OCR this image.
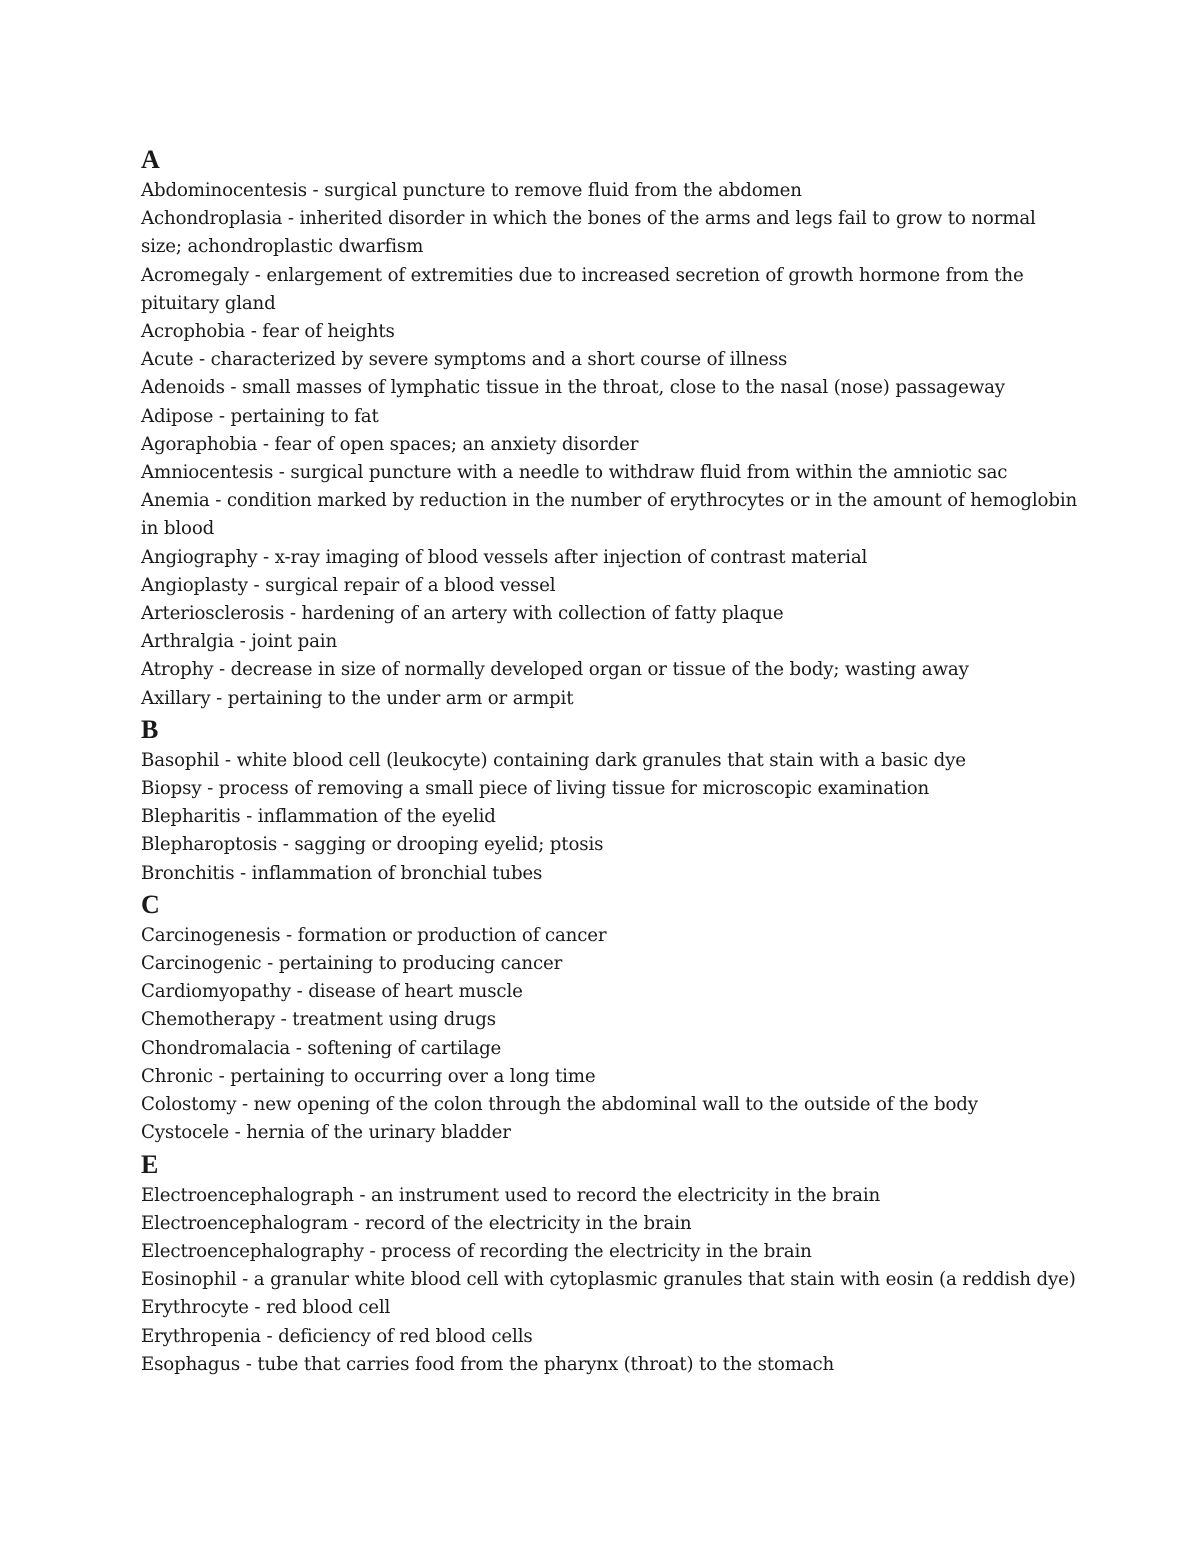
A

Abdominocentesis - surgical puncture to remove fluid from the abdomen

Achondroplasia - inherited disorder in which the bones of the arms and legs fail to grow to normal size; achondroplastic dwarfism

Acromegaly - enlargement of extremities due to increased secretion of growth hormone from the pituitary gland

Acrophobia - fear of heights

Acute - characterized by severe symptoms and a short course of illness

Adenoids - small masses of lymphatic tissue in the throat, close to the nasal (nose) passageway

Adipose - pertaining to fat

Agoraphobia - fear of open spaces; an anxiety disorder

Amniocentesis - surgical puncture with a needle to withdraw fluid from within the amniotic sac

Anemia - condition marked by reduction in the number of erythrocytes or in the amount of hemoglobin in blood

Angiography - x-ray imaging of blood vessels after injection of contrast material

Angioplasty - surgical repair of a blood vessel

Arteriosclerosis - hardening of an artery with collection of fatty plaque

Arthralgia - joint pain

Atrophy - decrease in size of normally developed organ or tissue of the body; wasting away

Axillary - pertaining to the under arm or armpit

B

Basophil - white blood cell (leukocyte) containing dark granules that stain with a basic dye

Biopsy - process of removing a small piece of living tissue for microscopic examination

Blepharitis - inflammation of the eyelid

Blepharoptosis - sagging or drooping eyelid; ptosis

Bronchitis - inflammation of bronchial tubes

C

Carcinogenesis - formation or production of cancer

Carcinogenic - pertaining to producing cancer

Cardiomyopathy - disease of heart muscle

Chemotherapy - treatment using drugs

Chondromalacia - softening of cartilage

Chronic - pertaining to occurring over a long time

Colostomy - new opening of the colon through the abdominal wall to the outside of the body

Cystocele - hernia of the urinary bladder

E

Electroencephalograph - an instrument used to record the electricity in the brain

Electroencephalogram - record of the electricity in the brain

Electroencephalography - process of recording the electricity in the brain

Eosinophil - a granular white blood cell with cytoplasmic granules that stain with eosin (a reddish dye)

Erythrocyte - red blood cell

Erythropenia - deficiency of red blood cells

Esophagus - tube that carries food from the pharynx (throat) to the stomach
